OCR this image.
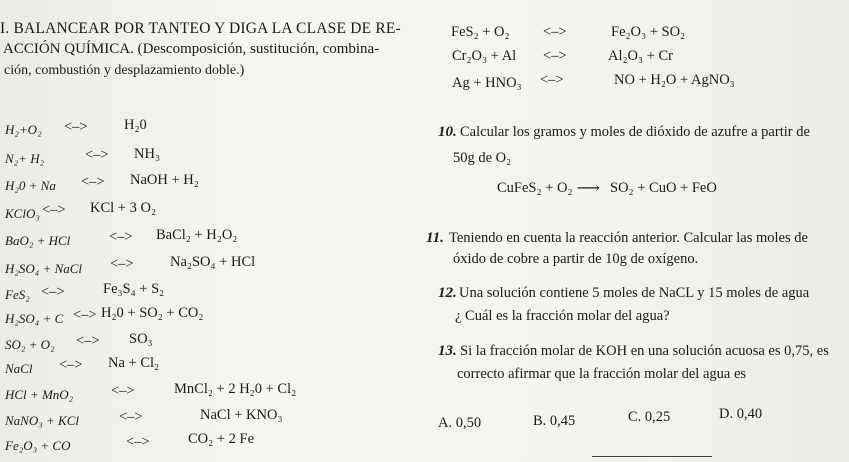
I. BALANCEAR POR TANTEO Y DIGA LA CLASE DE RE-
ACCIÓN QUÍMICA. (Descomposición, sustitución, combina-
ción, combustión y desplazamiento doble.)
H₂+O₂ <–>	H₂0
N₂+ H₂	<–> NH₃
H₂0 + Na <–> NaOH + H₂
KClO₃ <–> KCl + 3 O₂
BaO₂ + HCl	<–> BaCl₂ + H₂O₂
H₂SO₄ + NaCl <–>	Na₂SO₄ + HCl
FeS₂ <–>	Fe₃S₄ + S₂
H₂SO₄ + C <–> H₂0 + SO₂ + CO₂
SO₂ + O₂ <–> SO₃
NaCl <–> Na + Cl₂
HCl + MnO₂	<–>	MnCl₂ + 2 H₂0 + Cl₂
NaNO₃ + KCl	<–>	NaCl + KNO₃
Fe₂O₃ + CO	<–>	CO₂ + 2 Fe
FeS₂ + O₂ <–>	Fe₂O₃ + SO₂
Cr₂O₃ + Al <–>	Al₂O₃ + Cr
Ag + HNO₃ <–>	NO + H₂O + AgNO₃
10. Calcular los gramos y moles de dióxido de azufre a partir de
50g de O₂
CuFeS₂ + O₂ ⟶ SO₂ + CuO + FeO
11. Teniendo en cuenta la reacción anterior. Calcular las moles de
óxido de cobre a partir de 10g de oxígeno.
12. Una solución contiene 5 moles de NaCL y 15 moles de agua
¿ Cuál es la fracción molar del agua?
13. Si la fracción molar de KOH en una solución acuosa es 0,75, es
correcto afirmar que la fracción molar del agua es
A. 0,50	B. 0,45	C. 0,25	D. 0,40
